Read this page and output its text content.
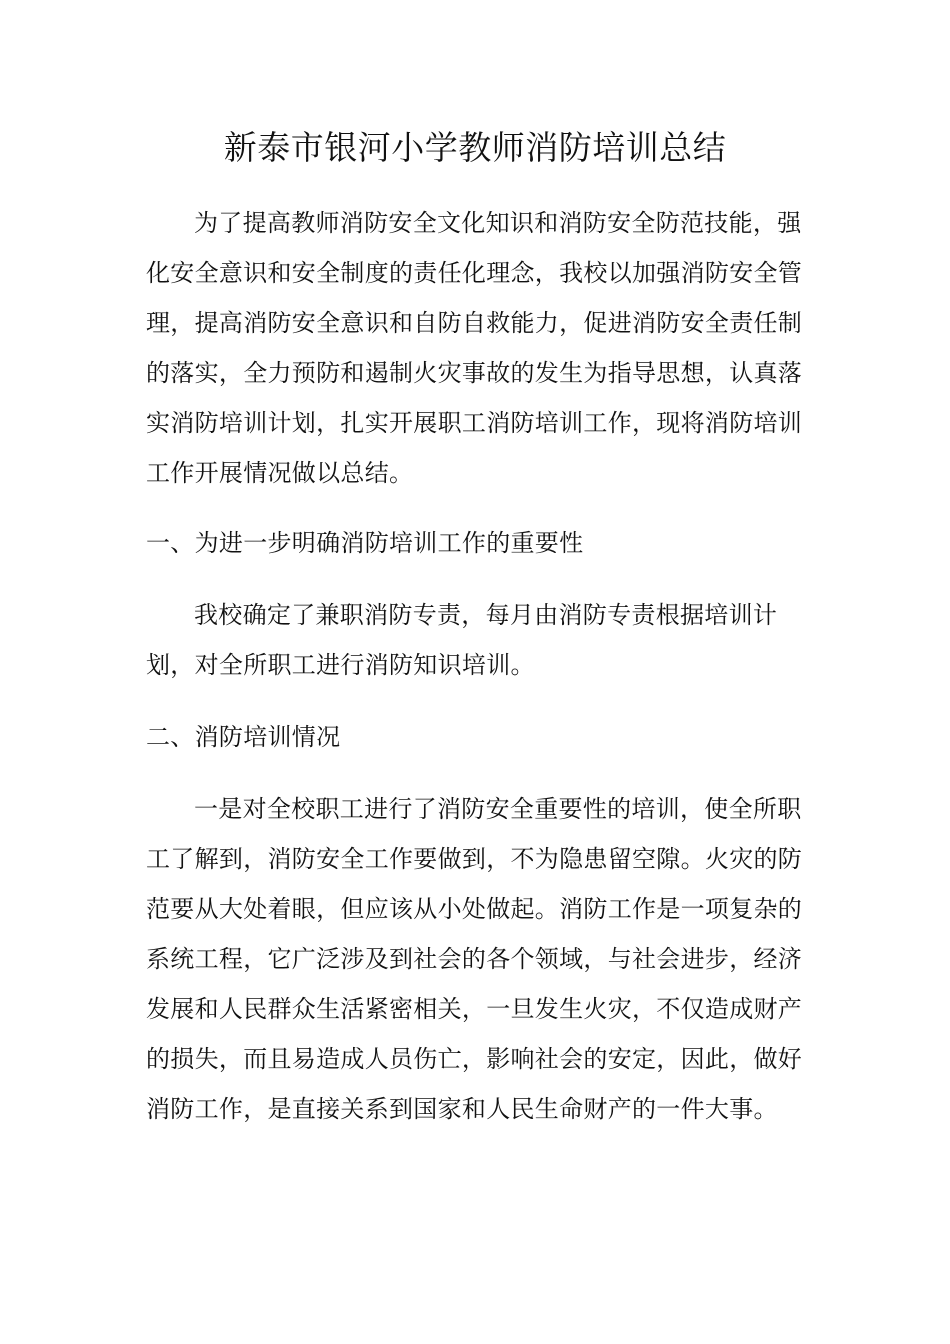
新泰市银河小学教师消防培训总结

为了提高教师消防安全文化知识和消防安全防范技能，强化安全意识和安全制度的责任化理念，我校以加强消防安全管理，提高消防安全意识和自防自救能力，促进消防安全责任制的落实，全力预防和遏制火灾事故的发生为指导思想，认真落实消防培训计划，扎实开展职工消防培训工作，现将消防培训工作开展情况做以总结。

一、为进一步明确消防培训工作的重要性

我校确定了兼职消防专责，每月由消防专责根据培训计划，对全所职工进行消防知识培训。

二、消防培训情况

一是对全校职工进行了消防安全重要性的培训，使全所职工了解到，消防安全工作要做到，不为隐患留空隙。火灾的防范要从大处着眼，但应该从小处做起。消防工作是一项复杂的系统工程，它广泛涉及到社会的各个领域，与社会进步，经济发展和人民群众生活紧密相关，一旦发生火灾，不仅造成财产的损失，而且易造成人员伤亡，影响社会的安定，因此，做好消防工作，是直接关系到国家和人民生命财产的一件大事。
